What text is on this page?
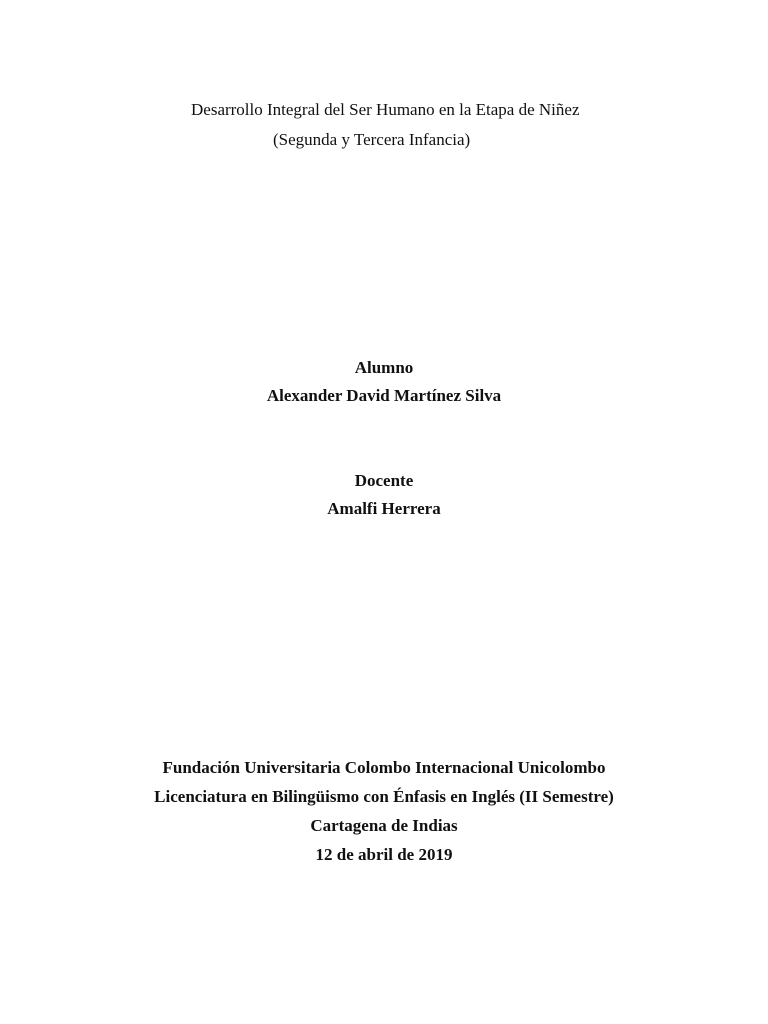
Desarrollo Integral del Ser Humano en la Etapa de Niñez
(Segunda y Tercera Infancia)
Alumno
Alexander David Martínez Silva
Docente
Amalfi Herrera
Fundación Universitaria Colombo Internacional Unicolombo
Licenciatura en Bilingüismo con Énfasis en Inglés (II Semestre)
Cartagena de Indias
12 de abril de 2019
